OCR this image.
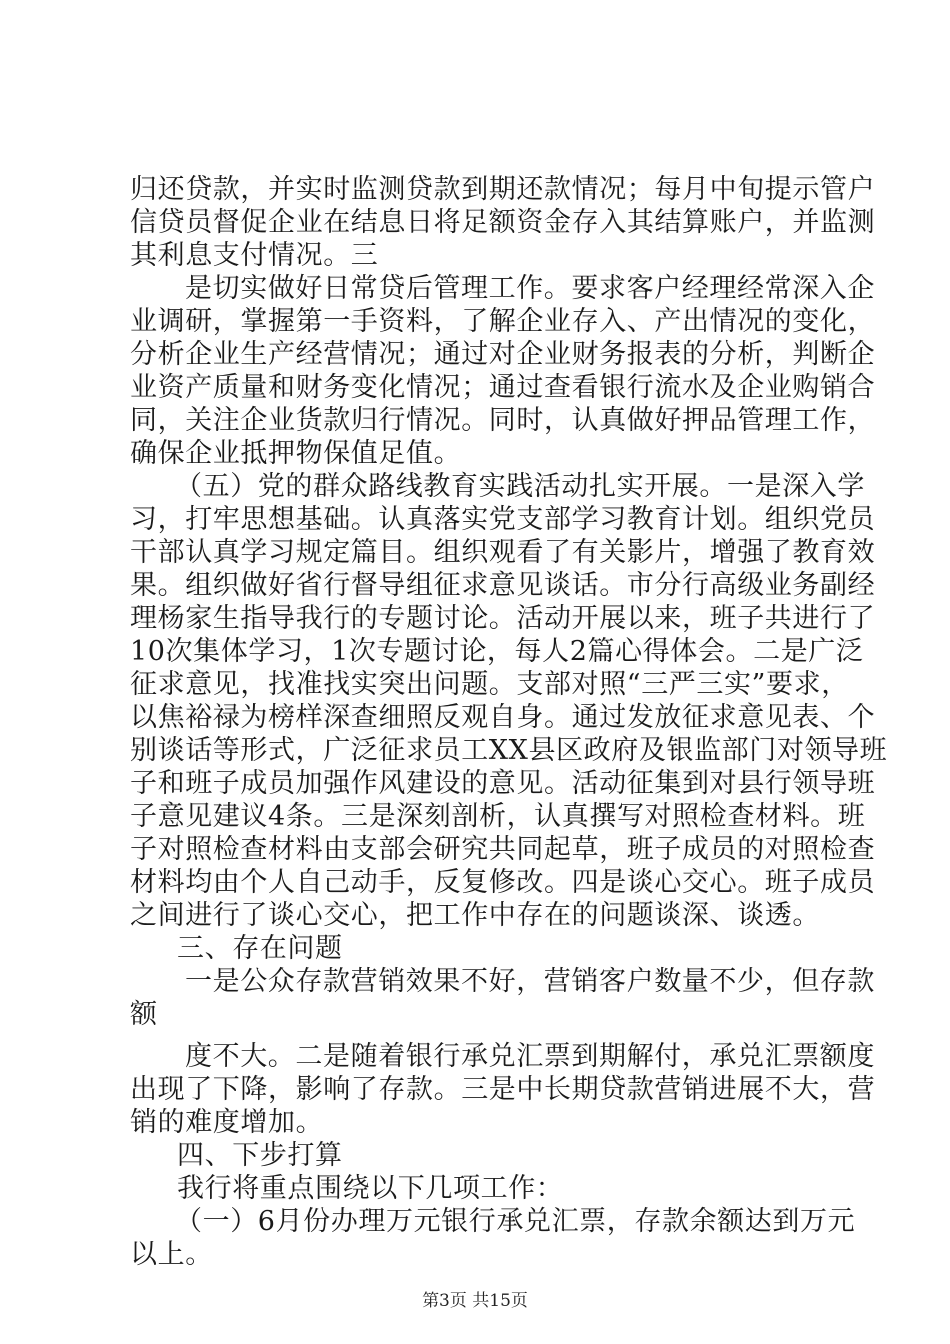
归还贷款，并实时监测贷款到期还款情况；每月中旬提示管户

信贷员督促企业在结息日将足额资金存入其结算账户，并监测

其利息支付情况。三

是切实做好日常贷后管理工作。要求客户经理经常深入企

业调研，掌握第一手资料，了解企业存入、产出情况的变化，

分析企业生产经营情况；通过对企业财务报表的分析，判断企

业资产质量和财务变化情况；通过查看银行流水及企业购销合

同，关注企业货款归行情况。同时，认真做好押品管理工作，

确保企业抵押物保值足值。

（五）党的群众路线教育实践活动扎实开展。一是深入学

习，打牢思想基础。认真落实党支部学习教育计划。组织党员

干部认真学习规定篇目。组织观看了有关影片，增强了教育效

果。组织做好省行督导组征求意见谈话。市分行高级业务副经

理杨家生指导我行的专题讨论。活动开展以来，班子共进行了

10次集体学习，1次专题讨论，每人2篇心得体会。二是广泛

征求意见，找准找实突出问题。支部对照“三严三实”要求，

以焦裕禄为榜样深查细照反观自身。通过发放征求意见表、个

别谈话等形式，广泛征求员工XX县区政府及银监部门对领导班

子和班子成员加强作风建设的意见。活动征集到对县行领导班

子意见建议4条。三是深刻剖析，认真撰写对照检查材料。班

子对照检查材料由支部会研究共同起草，班子成员的对照检查

材料均由个人自己动手，反复修改。四是谈心交心。班子成员

之间进行了谈心交心，把工作中存在的问题谈深、谈透。

三、存在问题

一是公众存款营销效果不好，营销客户数量不少，但存款

额

度不大。二是随着银行承兑汇票到期解付，承兑汇票额度

出现了下降，影响了存款。三是中长期贷款营销进展不大，营

销的难度增加。

四、下步打算

我行将重点围绕以下几项工作：

（一）6月份办理万元银行承兑汇票，存款余额达到万元

以上。

第3页 共15页
